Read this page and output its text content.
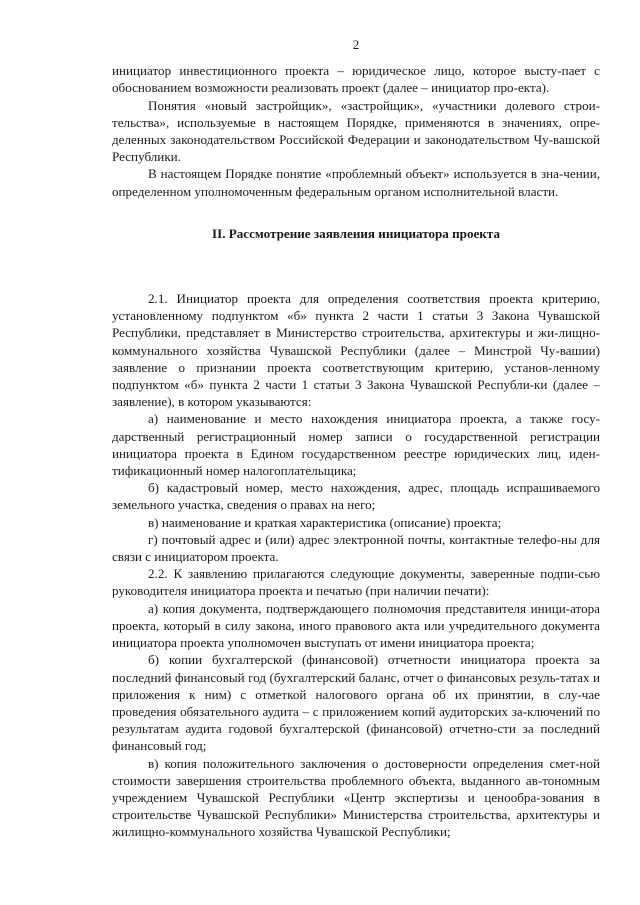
2

инициатор инвестиционного проекта – юридическое лицо, которое высту-пает с обоснованием возможности реализовать проект (далее – инициатор про-екта).

Понятия «новый застройщик», «застройщик», «участники долевого строи-тельства», используемые в настоящем Порядке, применяются в значениях, опре-деленных законодательством Российской Федерации и законодательством Чу-вашской Республики.

В настоящем Порядке понятие «проблемный объект» используется в зна-чении, определенном уполномоченным федеральным органом исполнительной власти.

II. Рассмотрение заявления инициатора проекта

2.1. Инициатор проекта для определения соответствия проекта критерию, установленному подпунктом «б» пункта 2 части 1 статьи 3 Закона Чувашской Республики, представляет в Министерство строительства, архитектуры и жи-лищно-коммунального хозяйства Чувашской Республики (далее – Минстрой Чу-вашии) заявление о признании проекта соответствующим критерию, установ-ленному подпунктом «б» пункта 2 части 1 статьи 3 Закона Чувашской Республи-ки (далее – заявление), в котором указываются:

а) наименование и место нахождения инициатора проекта, а также госу-дарственный регистрационный номер записи о государственной регистрации инициатора проекта в Едином государственном реестре юридических лиц, иден-тификационный номер налогоплательщика;

б) кадастровый номер, место нахождения, адрес, площадь испрашиваемого земельного участка, сведения о правах на него;

в) наименование и краткая характеристика (описание) проекта;

г) почтовый адрес и (или) адрес электронной почты, контактные телефо-ны для связи с инициатором проекта.

2.2. К заявлению прилагаются следующие документы, заверенные подпи-сью руководителя инициатора проекта и печатью (при наличии печати):

а) копия документа, подтверждающего полномочия представителя иници-атора проекта, который в силу закона, иного правового акта или учредительного документа инициатора проекта уполномочен выступать от имени инициатора проекта;

б) копии бухгалтерской (финансовой) отчетности инициатора проекта за последний финансовый год (бухгалтерский баланс, отчет о финансовых резуль-татах и приложения к ним) с отметкой налогового органа об их принятии, в слу-чае проведения обязательного аудита – с приложением копий аудиторских за-ключений по результатам аудита годовой бухгалтерской (финансовой) отчетно-сти за последний финансовый год;

в) копия положительного заключения о достоверности определения смет-ной стоимости завершения строительства проблемного объекта, выданного ав-тономным учреждением Чувашской Республики «Центр экспертизы и ценообра-зования в строительстве Чувашской Республики» Министерства строительства, архитектуры и жилищно-коммунального хозяйства Чувашской Республики;
